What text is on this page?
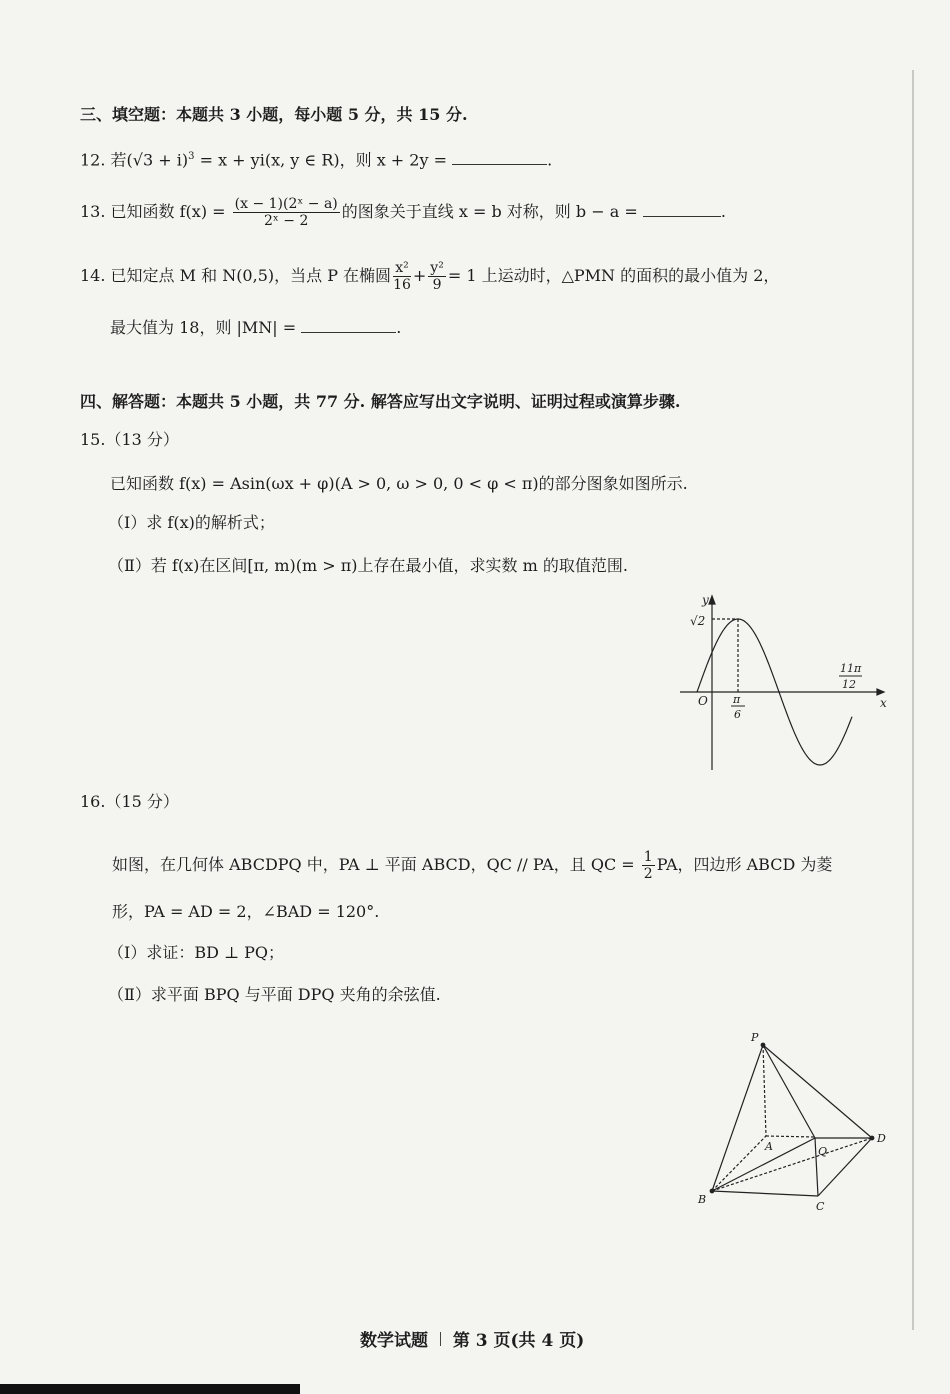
三、填空题：本题共 3 小题，每小题 5 分，共 15 分.
12. 若$(√3 + i)^3 = x + yi(x$, y ∈ R)，则 x + 2y =	.
13. 已知函数 $f(x) = \frac{\text{(x − 1)(2ˣ − a)}}{\text{2ˣ − 2}}$ 的图象关于直线 x = b 对称，则 b − a =	.
14. 已知定点 M 和 N(0,5)，当点 P 在椭圆 $\frac{\text{x²}}{16} + \frac{\text{y²}}{9} = 1$ 上运动时，△PMN 的面积的最小值为 2，
最大值为 18，则 |MN| =	.
四、解答题：本题共 5 小题，共 77 分. 解答应写出文字说明、证明过程或演算步骤.
15.（13 分）
已知函数 f(x) = Asin(ωx + φ)(A > 0, ω > 0, 0 < φ < π)的部分图象如图所示.
（Ⅰ）求 f(x)的解析式；
（Ⅱ）若 f(x)在区间[π, m)(m > π)上存在最小值，求实数 m 的取值范围.
y
x
O
√2
π
6
11π
12
P
A	Q
D
B
C
16.（15 分）
如图，在几何体 ABCDPQ 中，PA ⊥ 平面 ABCD，QC // PA，且 QC = $\frac{1}{2}$ PA，四边形 ABCD 为菱
形，PA = AD = 2，∠BAD = 120°.
（Ⅰ）求证：BD ⊥ PQ；
（Ⅱ）求平面 BPQ 与平面 DPQ 夹角的余弦值.
数学试题 第 3 页(共 4 页)
